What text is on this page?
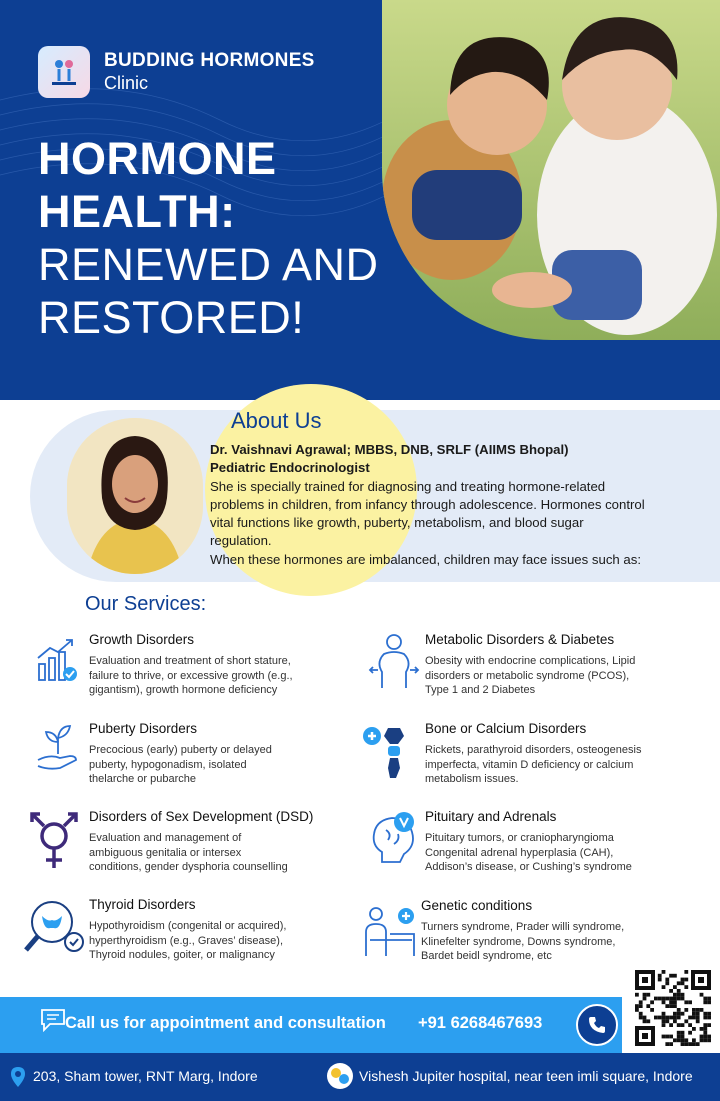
BUDDING HORMONES
Clinic
HORMONE
HEALTH:
RENEWED AND
RESTORED!
About Us
Dr. Vaishnavi Agrawal; MBBS, DNB, SRLF (AIIMS Bhopal)
Pediatric Endocrinologist
She is specially trained for diagnosing and treating hormone-related
problems in children, from infancy through adolescence. Hormones control
vital functions like growth, puberty, metabolism, and blood sugar
regulation.
When these hormones are imbalanced, children may face issues such as:
Our Services:
Growth Disorders
Evaluation and treatment of short stature,
failure to thrive, or excessive growth (e.g.,
gigantism), growth hormone deficiency
Metabolic Disorders & Diabetes
Obesity with endocrine complications, Lipid
disorders or metabolic syndrome (PCOS),
Type 1 and 2 Diabetes
Puberty Disorders
Precocious (early) puberty or delayed
puberty, hypogonadism, isolated
thelarche or pubarche
Bone or Calcium Disorders
Rickets, parathyroid disorders, osteogenesis
imperfecta, vitamin D deficiency or calcium
metabolism issues.
Disorders of Sex Development (DSD)
Evaluation and management of
ambiguous genitalia or intersex
conditions, gender dysphoria counselling
Pituitary and Adrenals
Pituitary tumors, or craniopharyngioma
Congenital adrenal hyperplasia (CAH),
Addison’s disease, or Cushing’s syndrome
Thyroid Disorders
Hypothyroidism (congenital or acquired),
hyperthyroidism (e.g., Graves’ disease),
Thyroid nodules, goiter, or malignancy
Genetic conditions
Turners syndrome, Prader willi syndrome,
Klinefelter syndrome, Downs syndrome,
Bardet beidl syndrome, etc
Call us for appointment and consultation +91 6268467693
203, Sham tower, RNT Marg, Indore	Vishesh Jupiter hospital, near teen imli square, Indore
